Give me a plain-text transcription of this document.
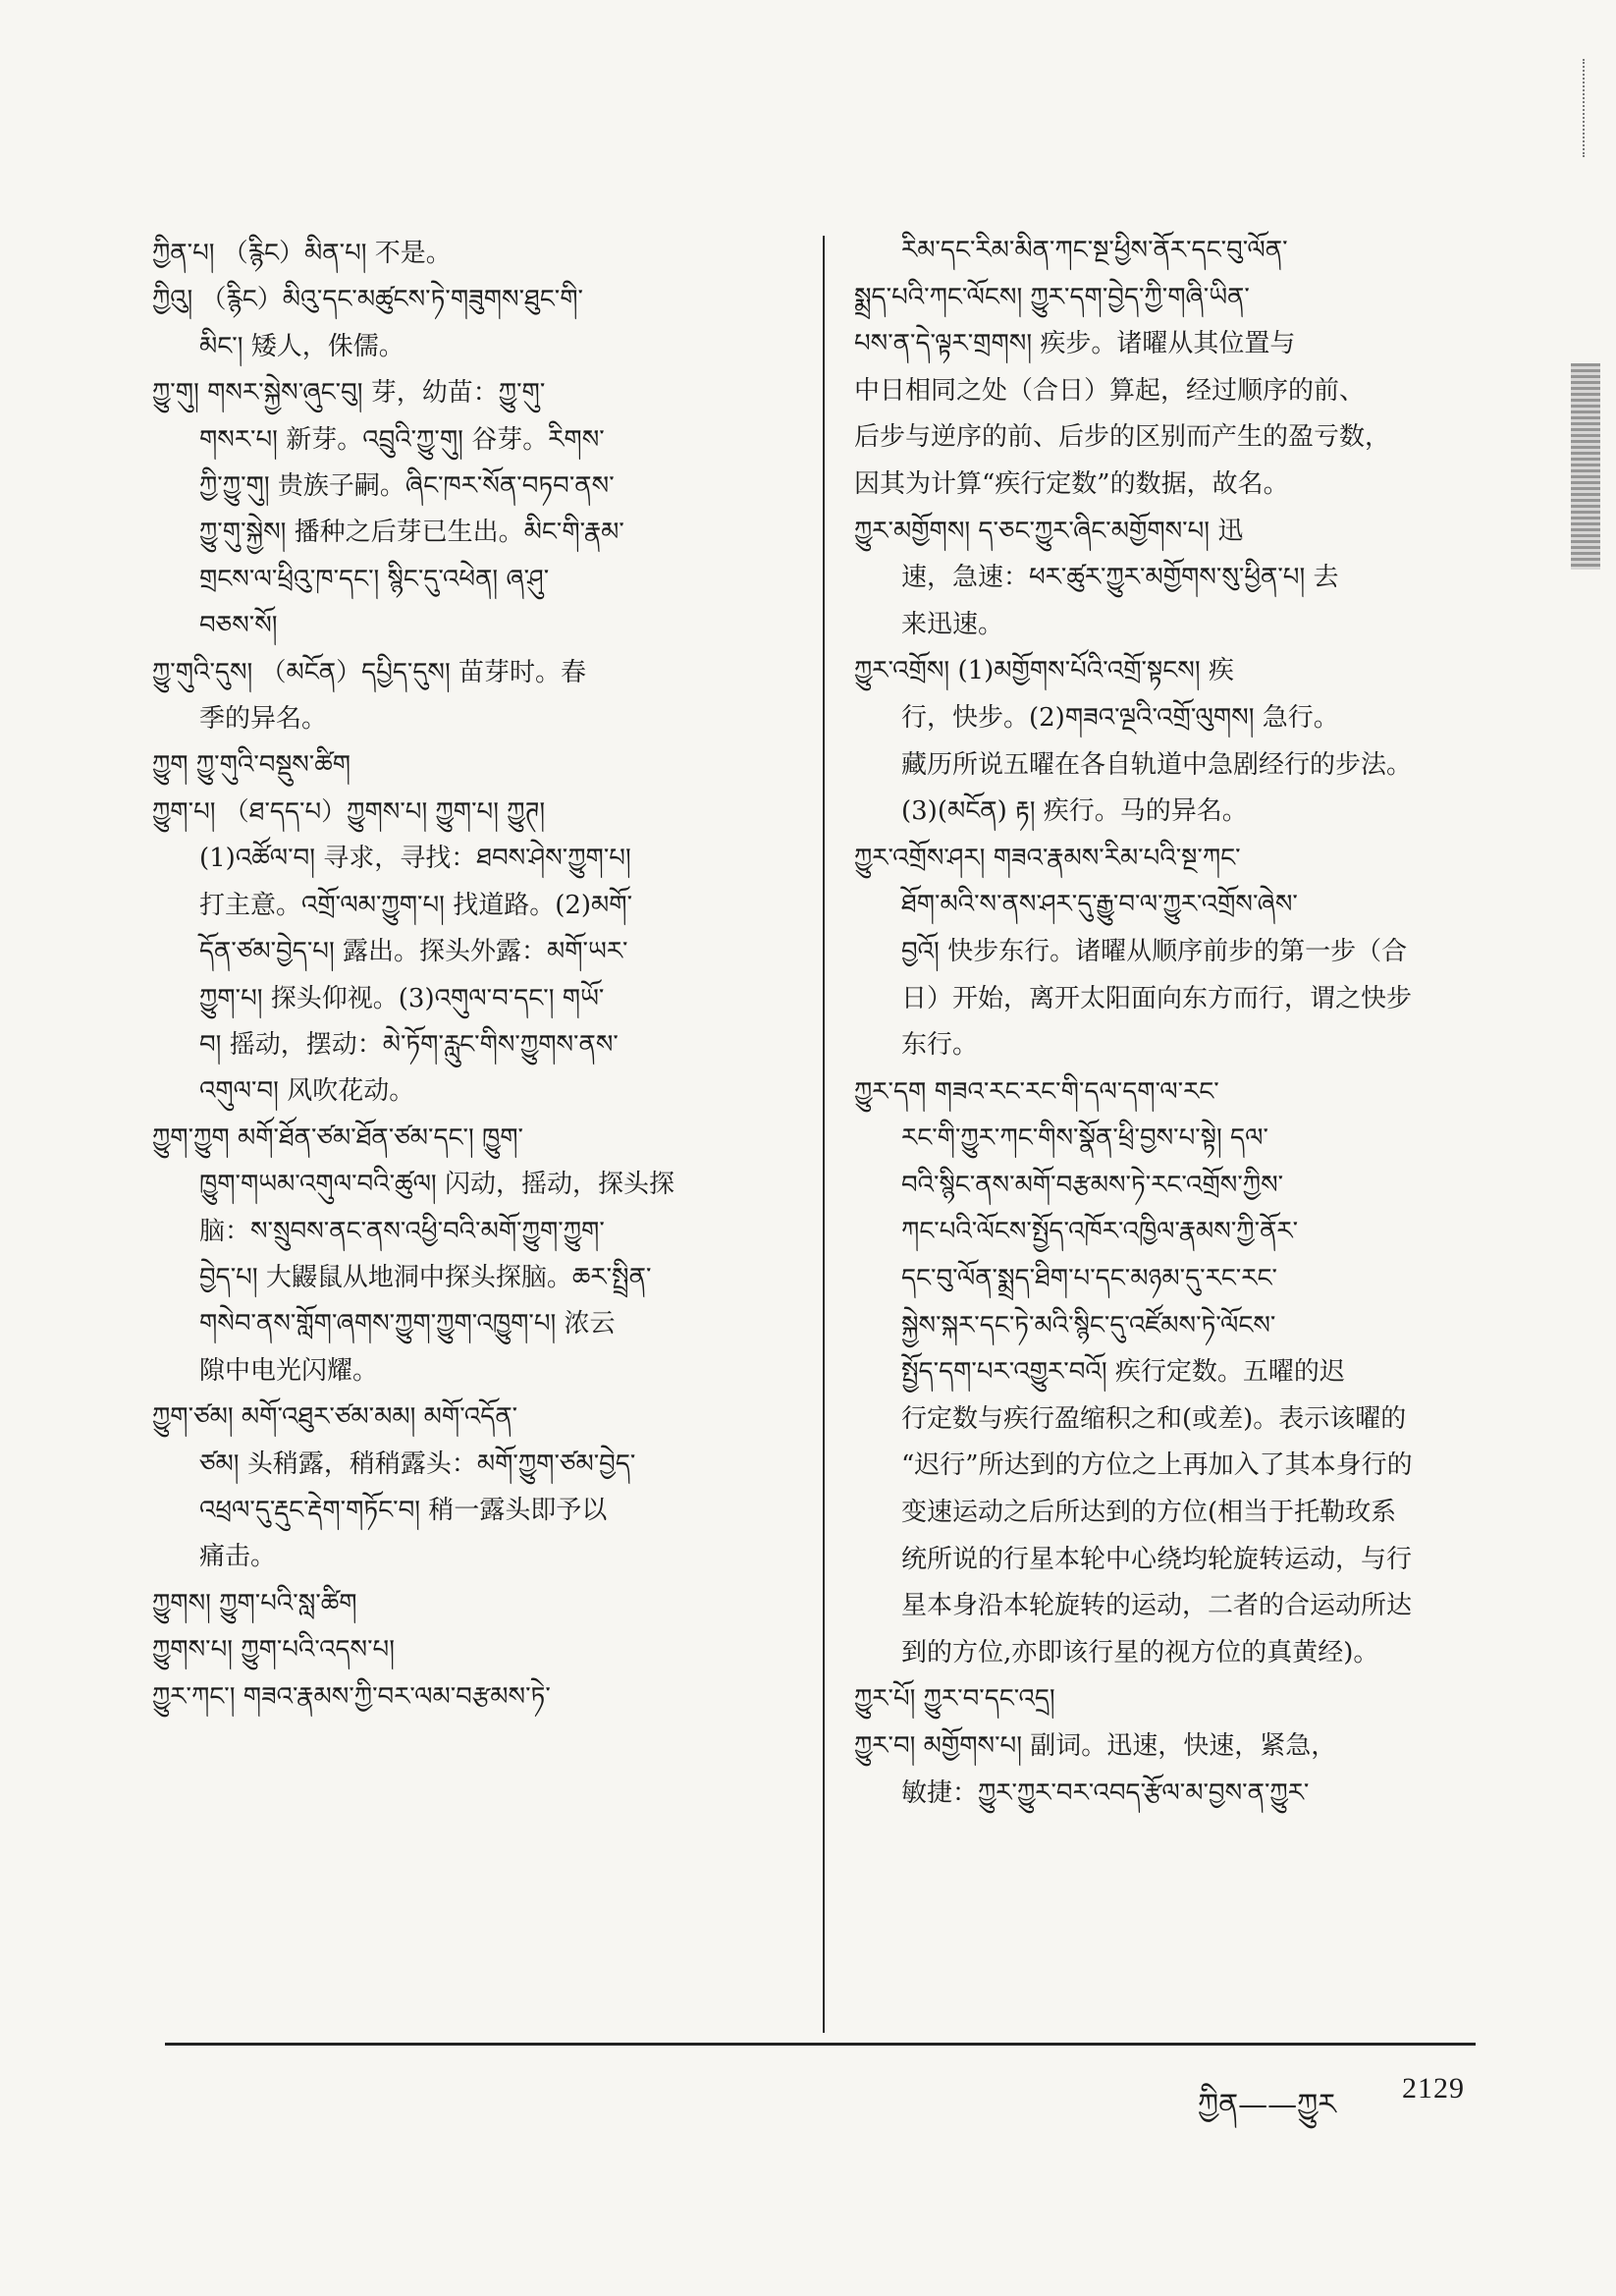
ཀྱིན་པ། （རྙིང）མིན་པ། 不是。

ཀྱིའུ། （རྙིང）མིའུ་དང་མཚུངས་ཏེ་གཟུགས་ཐུང་གི་

མིང་། 矮人，侏儒。

ཀྱུ་གུ། གསར་སྐྱེས་ཞུང་བུ། 芽，幼苗：ཀྱུ་གུ་

གསར་པ། 新芽。འབྲུའི་ཀྱུ་གུ། 谷芽。རིགས་

ཀྱི་ཀྱུ་གུ། 贵族子嗣。ཞིང་ཁར་སོན་བཏབ་ནས་

ཀྱུ་གུ་སྐྱེས། 播种之后芽已生出。མིང་གི་རྣམ་

གྲངས་ལ་ཕྲིའུ་ཁ་དང་། སྙིང་དུ་འཕེན། ཞ་ཤུ་

བཅས་སོ།

ཀྱུ་གུའི་དུས། （མངོན）དཔྱིད་དུས། 苗芽时。春

季的异名。

ཀྱུག ཀྱུ་གུའི་བསྡུས་ཚིག

ཀྱུག་པ། （ཐ་དད་པ）ཀྱུགས་པ། ཀྱུག་པ། ཀྱུཊ།

(1)འཚོལ་བ། 寻求，寻找：ཐབས་ཤེས་ཀྱུག་པ།

打主意。འགྲོ་ལམ་ཀྱུག་པ། 找道路。(2)མགོ་

དོན་ཙམ་བྱེད་པ། 露出。探头外露：མགོ་ཡར་

ཀྱུག་པ། 探头仰视。(3)འགུལ་བ་དང་། གཡོ་

བ། 摇动，摆动：མེ་ཏོག་རླུང་གིས་ཀྱུགས་ནས་

འགུལ་བ། 风吹花动。

ཀྱུག་ཀྱུག མགོ་ཐོན་ཙམ་ཐོན་ཙམ་དང་། ཁྱུག་

ཁྱུག་གཡམ་འགུལ་བའི་ཚུལ། 闪动，摇动，探头探

脑：ས་སྲུབས་ནང་ནས་འཕྱི་བའི་མགོ་ཀྱུག་ཀྱུག་

བྱེད་པ། 大鼹鼠从地洞中探头探脑。ཆར་སྤྲིན་

གསེབ་ནས་གློག་ཞགས་ཀྱུག་ཀྱུག་འཁྱུག་པ། 浓云

隙中电光闪耀。

ཀྱུག་ཙམ། མགོ་འཐུར་ཙམ་མམ། མགོ་འདོན་

ཙམ། 头稍露，稍稍露头：མགོ་ཀྱུག་ཙམ་བྱེད་

འཕྲལ་དུ་རྡུང་རྡེག་གཏོང་བ། 稍一露头即予以

痛击。

ཀྱུགས། ཀྱུག་པའི་སླ་ཚིག

ཀྱུགས་པ། ཀྱུག་པའི་འདས་པ།

ཀྱུར་ཀང་། གཟའ་རྣམས་ཀྱི་བར་ལམ་བརྩམས་ཏེ་

རིམ་དང་རིམ་མིན་ཀང་སྔ་ཕྱིས་ནོར་དང་བུ་ལོན་

སྨྲད་པའི་ཀང་ལོངས། ཀྱུར་དག་བྱེད་ཀྱི་གཞི་ཡིན་

པས་ན་དེ་ལྟར་གྲགས། 疾步。诸曜从其位置与

中日相同之处（合日）算起，经过顺序的前、

后步与逆序的前、后步的区别而产生的盈亏数，

因其为计算“疾行定数”的数据，故名。

ཀྱུར་མགྱོགས། ད་ཅང་ཀྱུར་ཞིང་མགྱོགས་པ། 迅

速，急速：ཕར་ཚུར་ཀྱུར་མགྱོགས་སུ་ཕྱིན་པ། 去

来迅速。

ཀྱུར་འགྲོས། (1)མགྱོགས་པོའི་འགྲོ་སྟངས། 疾

行，快步。(2)གཟའ་ལྔའི་འགྲོ་ལུགས། 急行。

藏历所说五曜在各自轨道中急剧经行的步法。

(3)(མངོན) རྟ། 疾行。马的异名。

ཀྱུར་འགྲོས་ཤར། གཟའ་རྣམས་རིམ་པའི་སྔ་ཀང་

ཐོག་མའི་ས་ནས་ཤར་དུ་རྒྱུ་བ་ལ་ཀྱུར་འགྲོས་ཞེས་

བྱའོ། 快步东行。诸曜从顺序前步的第一步（合

日）开始，离开太阳面向东方而行，谓之快步

东行。

ཀྱུར་དག གཟའ་རང་རང་གི་དལ་དག་ལ་རང་

རང་གི་ཀྱུར་ཀང་གིས་སྣོན་ཕྲི་བྱས་པ་སྟེ། དལ་

བའི་སྙིང་ནས་མགོ་བརྩམས་ཏེ་རང་འགྲོས་ཀྱིས་

ཀང་པའི་ལོངས་སྤྱོད་འཁོར་འཁྱིལ་རྣམས་ཀྱི་ནོར་

དང་བུ་ལོན་སྨྲད་ཐིག་པ་དང་མཉམ་དུ་རང་རང་

སྐྱེས་སྐར་དང་ཏེ་མའི་སྙིང་དུ་འཛོམས་ཏེ་ལོངས་

སྤྱོད་དག་པར་འགྱུར་བའོ། 疾行定数。五曜的迟

行定数与疾行盈缩积之和(或差)。表示该曜的

“迟行”所达到的方位之上再加入了其本身行的

变速运动之后所达到的方位(相当于托勒玫系

统所说的行星本轮中心绕均轮旋转运动，与行

星本身沿本轮旋转的运动，二者的合运动所达

到的方位,亦即该行星的视方位的真黄经)。

ཀྱུར་པོ། ཀྱུར་བ་དང་འདྲ།

ཀྱུར་བ། མགྱོགས་པ། 副词。迅速，快速，紧急，

敏捷：ཀྱུར་ཀྱུར་བར་འབད་རྩོལ་མ་བྱས་ན་ཀྱུར་

ཀྱིན——ཀྱུར 2129
